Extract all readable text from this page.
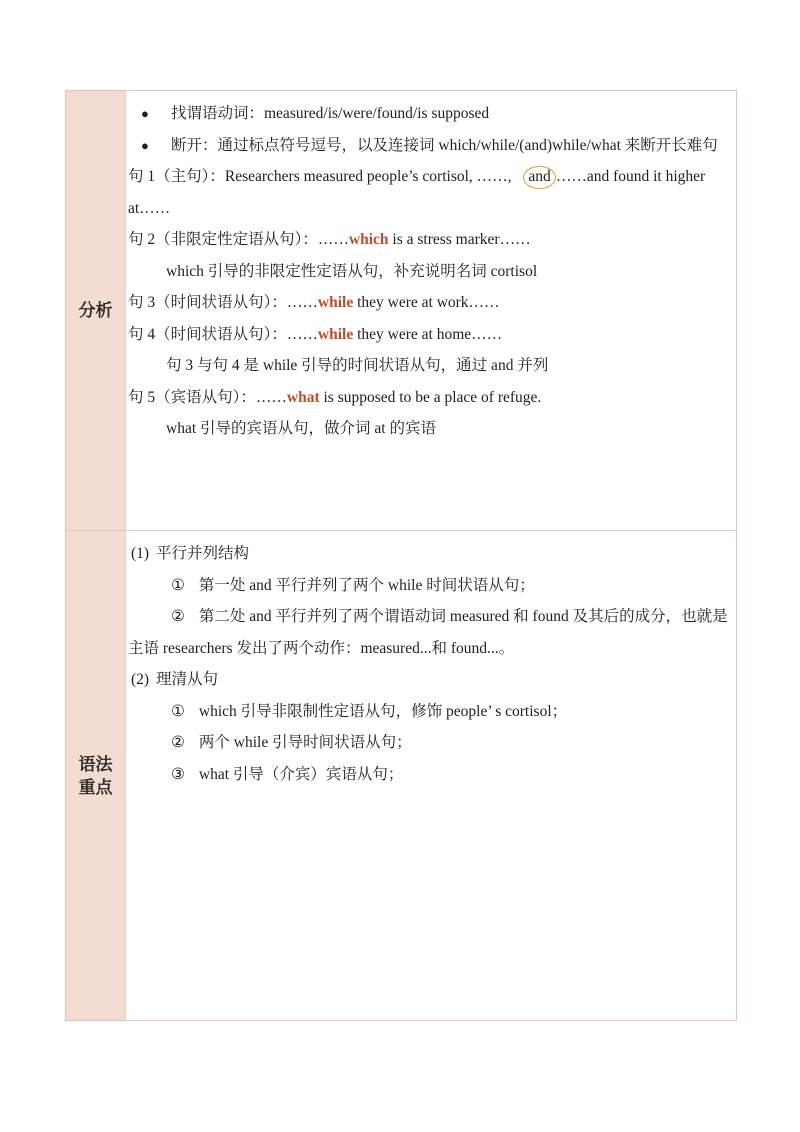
分析

● 找谓语动词：measured/is/were/found/is supposed

● 断开：通过标点符号逗号，以及连接词 which/while/(and)while/what 来断开长难句

句 1（主句）：Researchers measured people’s cortisol, ……, and ……and found it higher at……

句 2（非限定性定语从句）：……which is a stress marker……

which 引导的非限定性定语从句，补充说明名词 cortisol

句 3（时间状语从句）：……while they were at work……

句 4（时间状语从句）：……while they were at home……

句 3 与句 4 是 while 引导的时间状语从句，通过 and 并列

句 5（宾语从句）：……what is supposed to be a place of refuge.

what 引导的宾语从句，做介词 at 的宾语

语法
重点

(1) 平行并列结构

① 第一处 and 平行并列了两个 while 时间状语从句；

② 第二处 and 平行并列了两个谓语动词 measured 和 found 及其后的成分，也就是主语 researchers 发出了两个动作：measured...和 found...。

(2) 理清从句

① which 引导非限制性定语从句，修饰 people’ s cortisol；

② 两个 while 引导时间状语从句；

③ what 引导（介宾）宾语从句；
